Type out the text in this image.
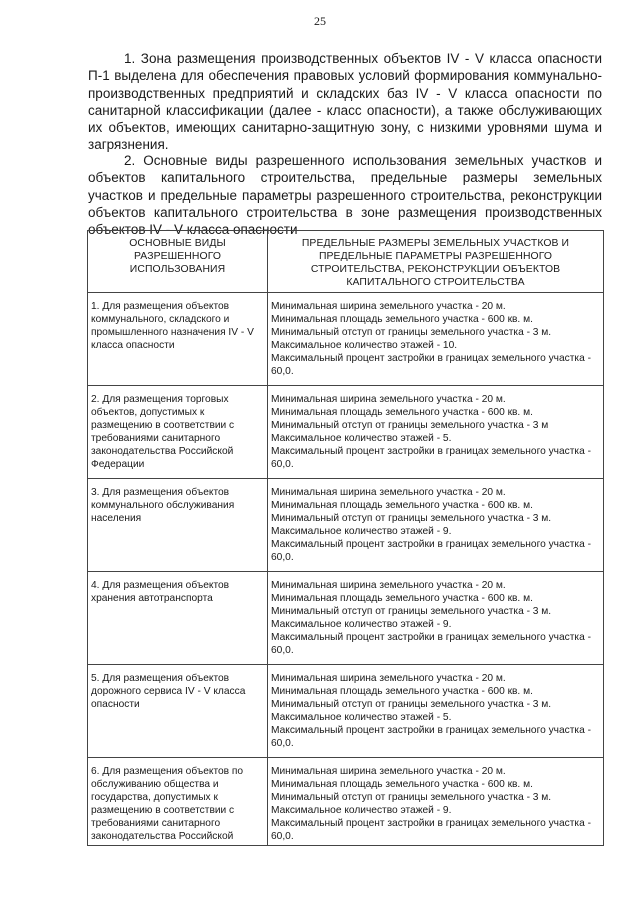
25

1. Зона размещения производственных объектов IV - V класса опасности П-1 выделена для обеспечения правовых условий формирования коммунально-производственных предприятий и складских баз IV - V класса опасности по санитарной классификации (далее - класс опасности), а также обслуживающих их объектов, имеющих санитарно-защитную зону, с низкими уровнями шума и загрязнения.

2. Основные виды разрешенного использования земельных участков и объектов капитального строительства, предельные размеры земельных участков и предельные параметры разрешенного строительства, реконструкции объектов капитального строительства в зоне размещения производственных объектов IV - V класса опасности

ОСНОВНЫЕ ВИДЫ РАЗРЕШЕННОГО ИСПОЛЬЗОВАНИЯ	ПРЕДЕЛЬНЫЕ РАЗМЕРЫ ЗЕМЕЛЬНЫХ УЧАСТКОВ И ПРЕДЕЛЬНЫЕ ПАРАМЕТРЫ РАЗРЕШЕННОГО СТРОИТЕЛЬСТВА, РЕКОНСТРУКЦИИ ОБЪЕКТОВ КАПИТАЛЬНОГО СТРОИТЕЛЬСТВА
1. Для размещения объектов коммунального, складского и промышленного назначения IV - V класса опасности	Минимальная ширина земельного участка - 20 м.
Минимальная площадь земельного участка - 600 кв. м.
Минимальный отступ от границы земельного участка - 3 м.
Максимальное количество этажей - 10.
Максимальный процент застройки в границах земельного участка - 60,0.

2. Для размещения торговых объектов, допустимых к размещению в соответствии с требованиями санитарного законодательства Российской Федерации	Минимальная ширина земельного участка - 20 м.
Минимальная площадь земельного участка - 600 кв. м.
Минимальный отступ от границы земельного участка - 3 м
Максимальное количество этажей - 5.
Максимальный процент застройки в границах земельного участка - 60,0.

3. Для размещения объектов коммунального обслуживания населения	Минимальная ширина земельного участка - 20 м.
Минимальная площадь земельного участка - 600 кв. м.
Минимальный отступ от границы земельного участка - 3 м.
Максимальное количество этажей - 9.
Максимальный процент застройки в границах земельного участка - 60,0.

4. Для размещения объектов хранения автотранспорта	Минимальная ширина земельного участка - 20 м.
Минимальная площадь земельного участка - 600 кв. м.
Минимальный отступ от границы земельного участка - 3 м.
Максимальное количество этажей - 9.
Максимальный процент застройки в границах земельного участка - 60,0.

5. Для размещения объектов дорожного сервиса IV - V класса опасности	Минимальная ширина земельного участка - 20 м.
Минимальная площадь земельного участка - 600 кв. м.
Минимальный отступ от границы земельного участка - 3 м.
Максимальное количество этажей - 5.
Максимальный процент застройки в границах земельного участка - 60,0.

6. Для размещения объектов по обслуживанию общества и государства, допустимых к размещению в соответствии с требованиями санитарного законодательства Российской	Минимальная ширина земельного участка - 20 м.
Минимальная площадь земельного участка - 600 кв. м.
Минимальный отступ от границы земельного участка - 3 м.
Максимальное количество этажей - 9.
Максимальный процент застройки в границах земельного участка - 60,0.
